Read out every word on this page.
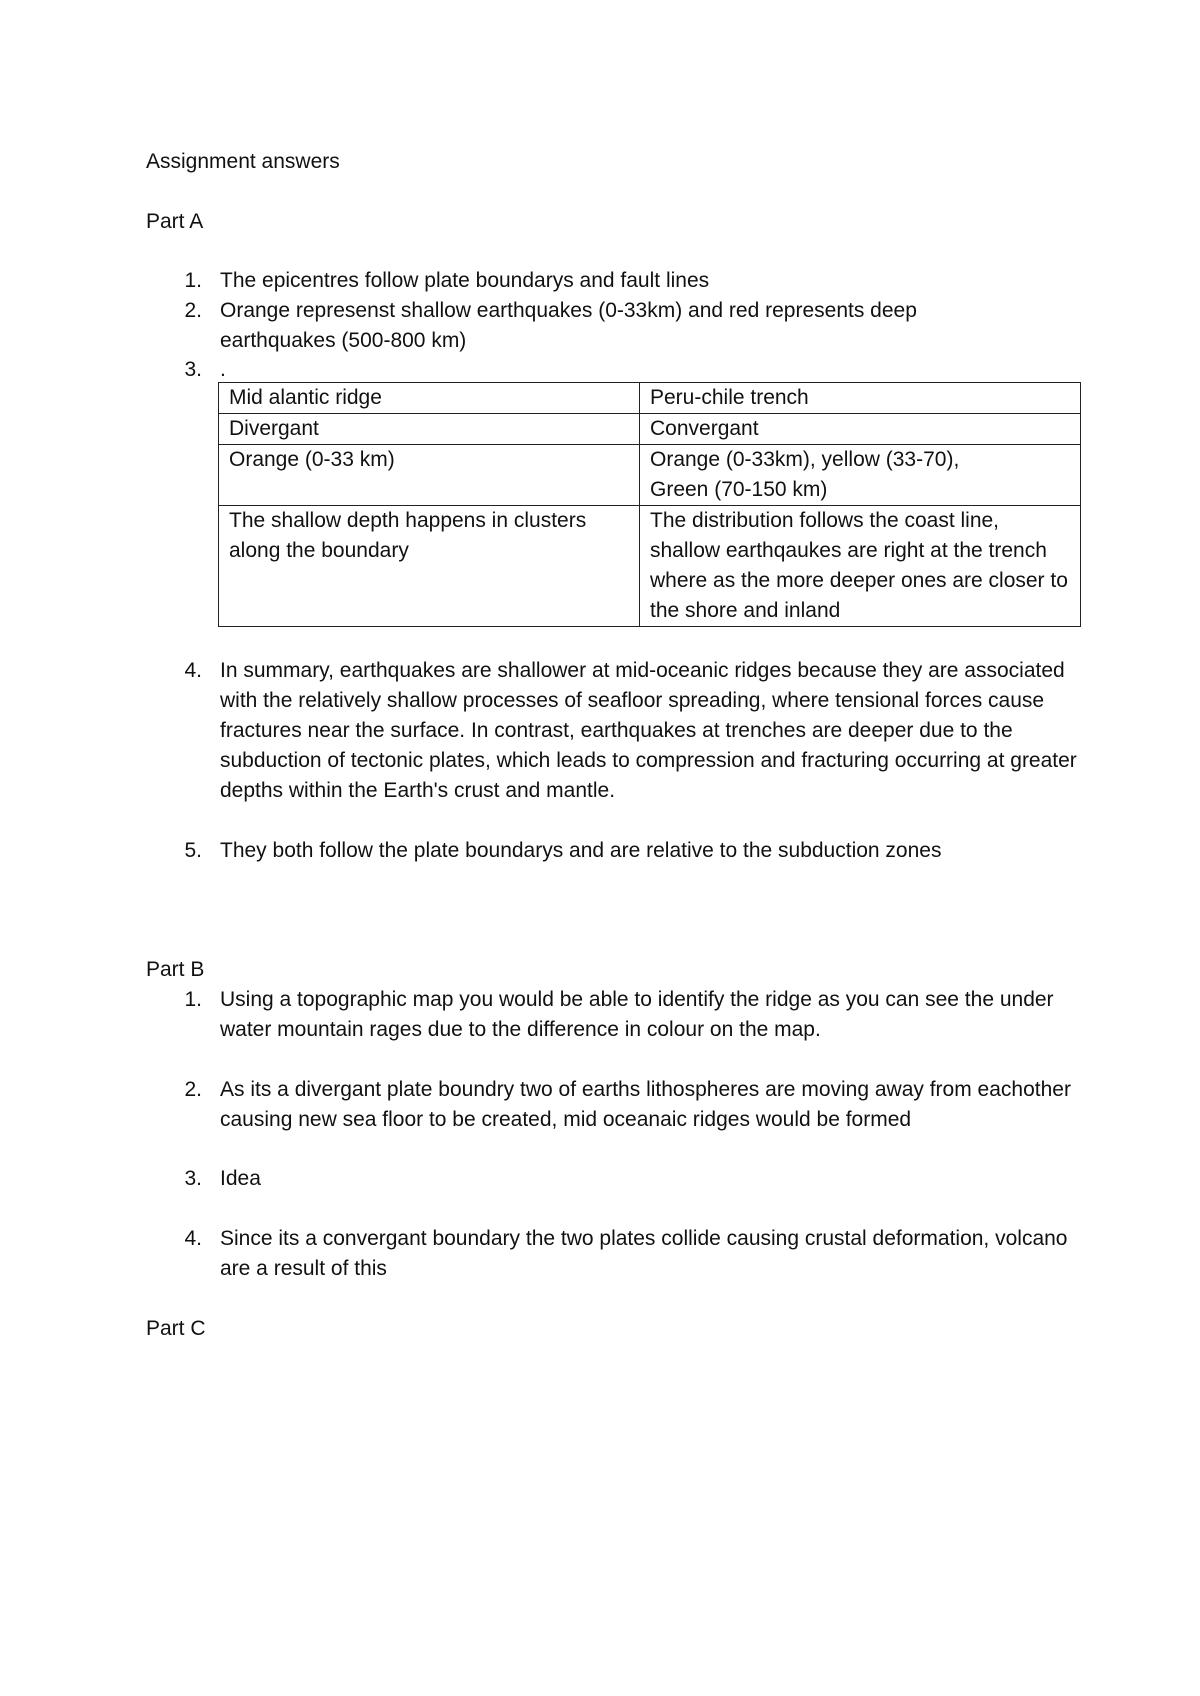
Assignment answers

Part A

1. The epicentres follow plate boundarys and fault lines
2. Orange represenst shallow earthquakes (0-33km) and red represents deep earthquakes (500-800 km)
3. .
Mid alantic ridge	Peru-chile trench
Divergant	Convergant
Orange (0-33 km)	Orange (0-33km), yellow (33-70),
Green (70-150 km)
The shallow depth happens in clusters along the boundary	The distribution follows the coast line, shallow earthqaukes are right at the trench where as the more deeper ones are closer to the shore and inland
4. In summary, earthquakes are shallower at mid-oceanic ridges because they are associated with the relatively shallow processes of seafloor spreading, where tensional forces cause fractures near the surface. In contrast, earthquakes at trenches are deeper due to the subduction of tectonic plates, which leads to compression and fracturing occurring at greater depths within the Earth's crust and mantle.
5. They both follow the plate boundarys and are relative to the subduction zones

Part B

1. Using a topographic map you would be able to identify the ridge as you can see the under water mountain rages due to the difference in colour on the map.
2. As its a divergant plate boundry two of earths lithospheres are moving away from eachother causing new sea floor to be created, mid oceanaic ridges would be formed
3. Idea
4. Since its a convergant boundary the two plates collide causing crustal deformation, volcano are a result of this

Part C
